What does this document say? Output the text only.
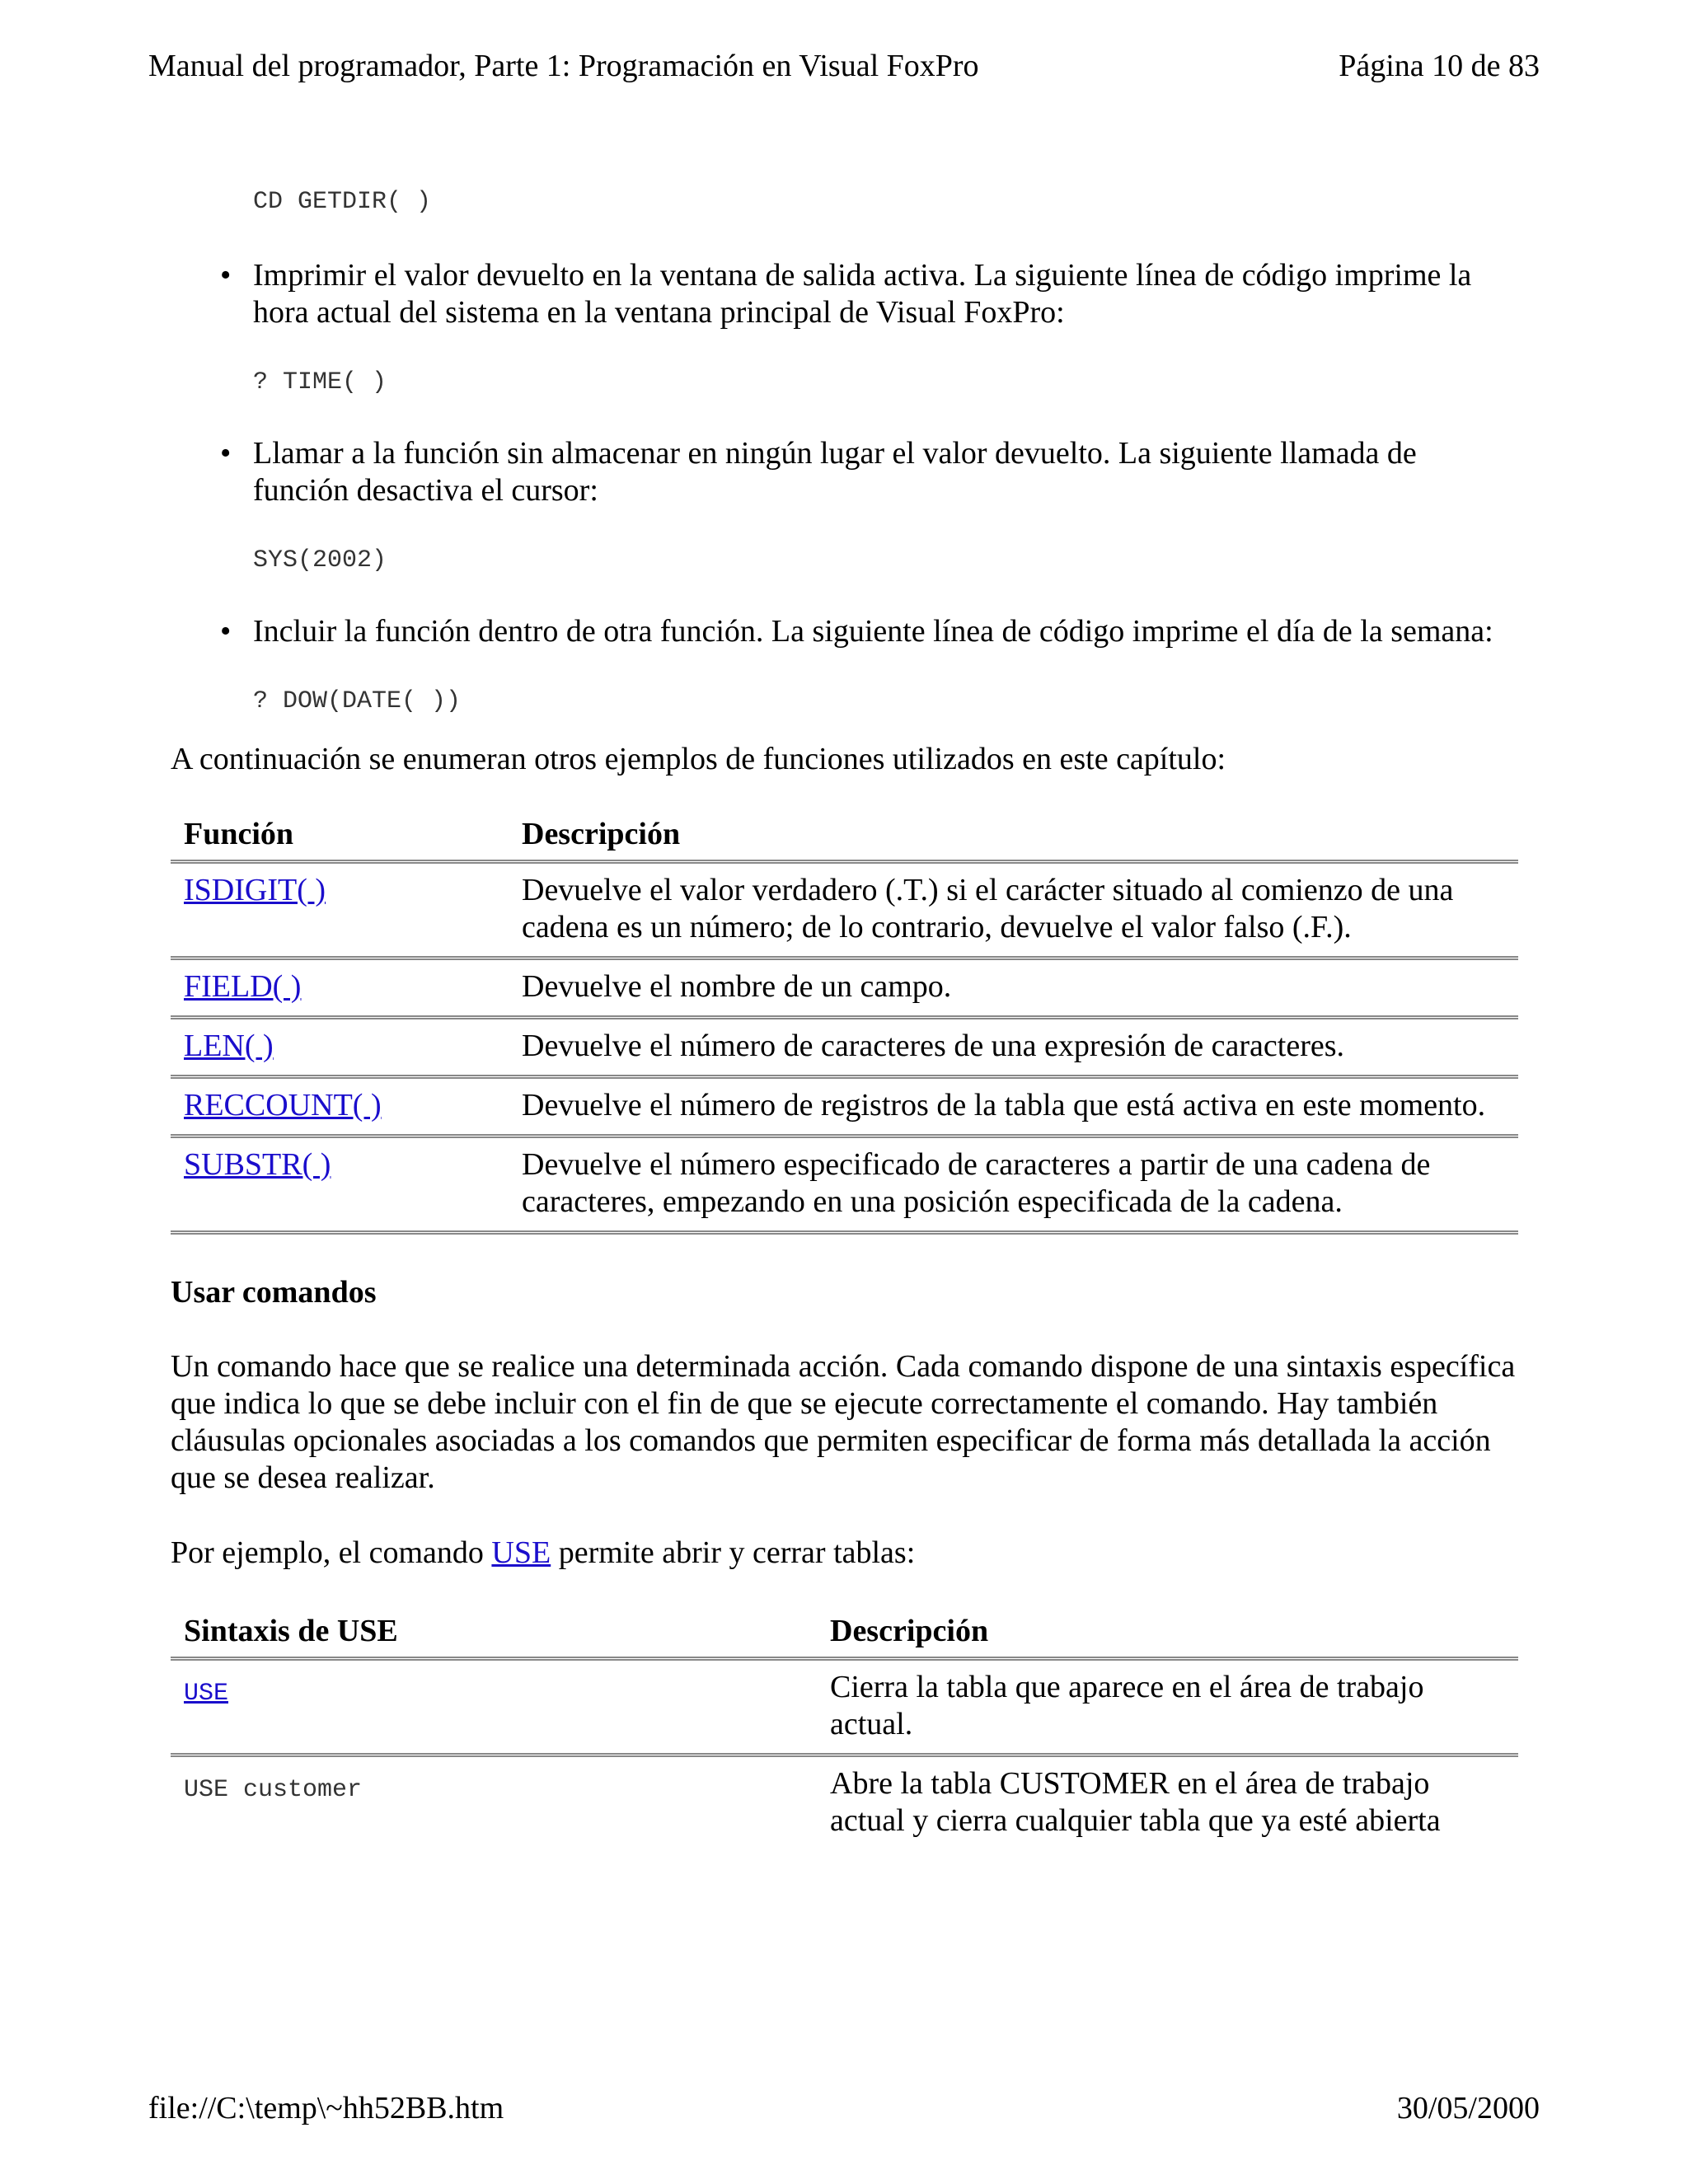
Manual del programador, Parte 1: Programación en Visual FoxPro	Página 10 de 83
CD GETDIR( )
• Imprimir el valor devuelto en la ventana de salida activa. La siguiente línea de código imprime la hora actual del sistema en la ventana principal de Visual FoxPro:
? TIME( )
• Llamar a la función sin almacenar en ningún lugar el valor devuelto. La siguiente llamada de función desactiva el cursor:
SYS(2002)
• Incluir la función dentro de otra función. La siguiente línea de código imprime el día de la semana:
? DOW(DATE( ))
A continuación se enumeran otros ejemplos de funciones utilizados en este capítulo:
Función	Descripción
ISDIGIT( )	Devuelve el valor verdadero (.T.) si el carácter situado al comienzo de una cadena es un número; de lo contrario, devuelve el valor falso (.F.).
FIELD( )	Devuelve el nombre de un campo.
LEN( )	Devuelve el número de caracteres de una expresión de caracteres.
RECCOUNT( )	Devuelve el número de registros de la tabla que está activa en este momento.
SUBSTR( )	Devuelve el número especificado de caracteres a partir de una cadena de caracteres, empezando en una posición especificada de la cadena.
Usar comandos
Un comando hace que se realice una determinada acción. Cada comando dispone de una sintaxis específica que indica lo que se debe incluir con el fin de que se ejecute correctamente el comando. Hay también cláusulas opcionales asociadas a los comandos que permiten especificar de forma más detallada la acción que se desea realizar.
Por ejemplo, el comando USE permite abrir y cerrar tablas:
Sintaxis de USE	Descripción
USE	Cierra la tabla que aparece en el área de trabajo actual.
USE customer	Abre la tabla CUSTOMER en el área de trabajo actual y cierra cualquier tabla que ya esté abierta
file://C:\temp\~hh52BB.htm	30/05/2000
